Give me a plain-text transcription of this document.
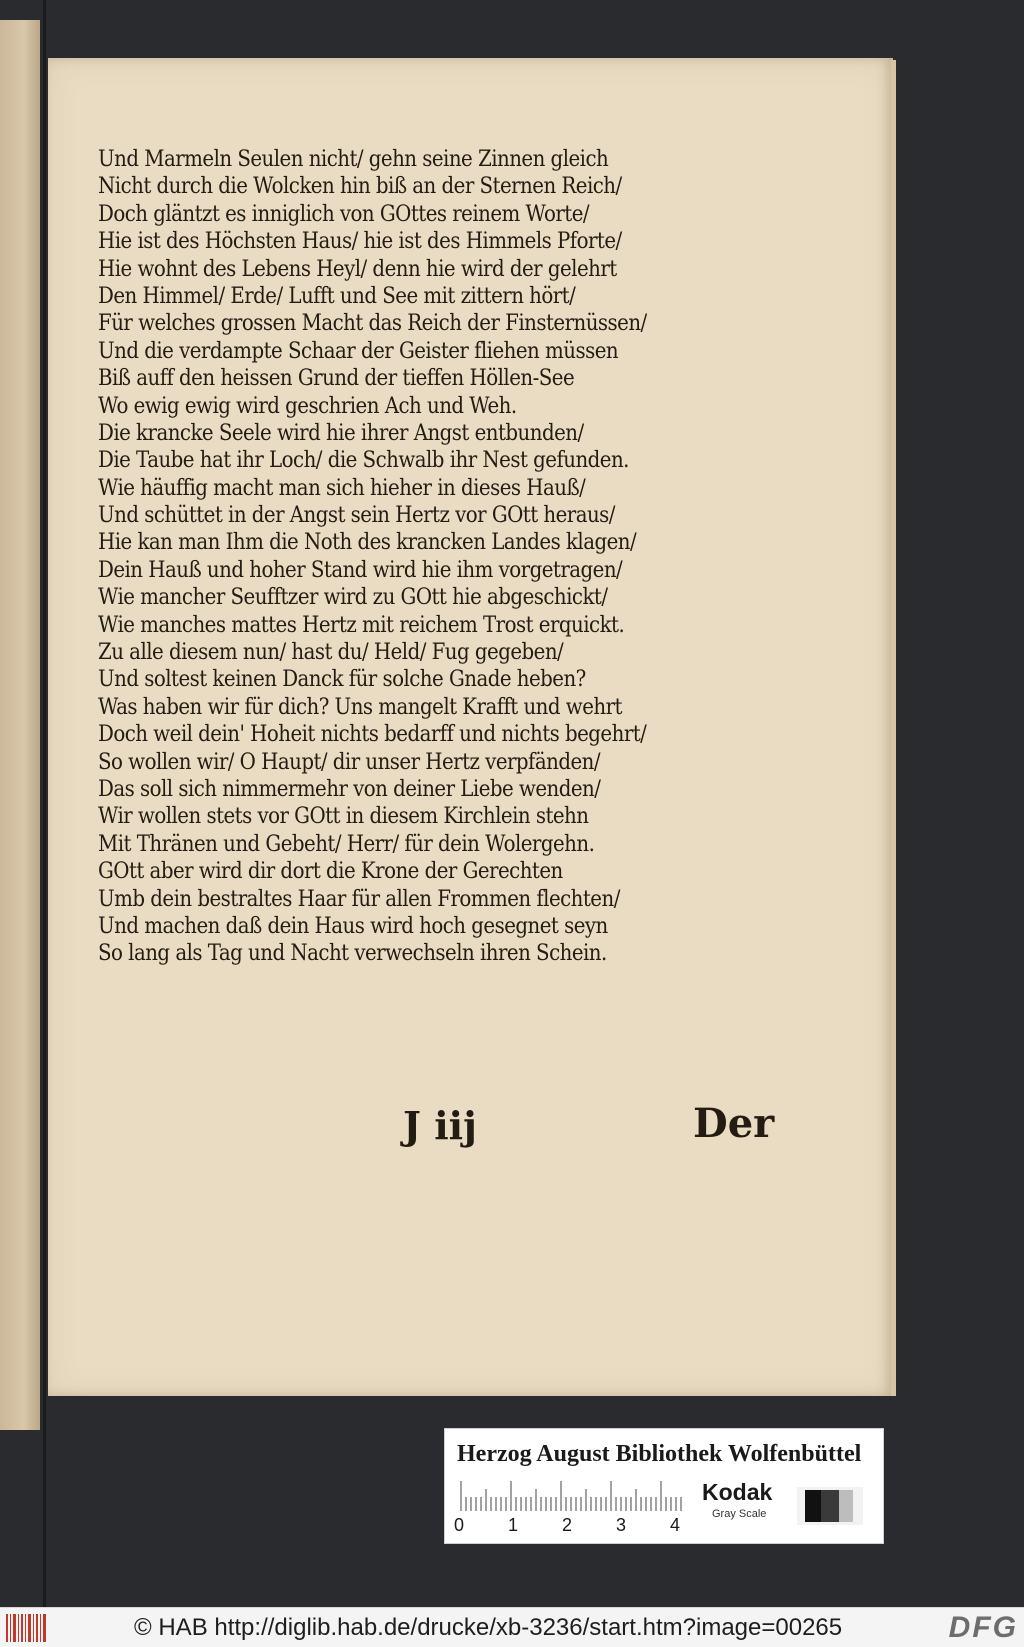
Und Marmeln Seulen nicht/ gehn seine Zinnen gleich
Nicht durch die Wolcken hin biß an der Sternen Reich/
Doch gläntzt es inniglich von GOttes reinem Worte/
Hie ist des Höchsten Haus/ hie ist des Himmels Pforte/
Hie wohnt des Lebens Heyl/ denn hie wird der gelehrt
Den Himmel/ Erde/ Lufft und See mit zittern hört/
Für welches grossen Macht das Reich der Finsternüssen/
Und die verdampte Schaar der Geister fliehen müssen
Biß auff den heissen Grund der tieffen Höllen-See
Wo ewig ewig wird geschrien Ach und Weh.
Die krancke Seele wird hie ihrer Angst entbunden/
Die Taube hat ihr Loch/ die Schwalb ihr Nest gefunden.
Wie häuffig macht man sich hieher in dieses Hauß/
Und schüttet in der Angst sein Hertz vor GOtt heraus/
Hie kan man Ihm die Noth des krancken Landes klagen/
Dein Hauß und hoher Stand wird hie ihm vorgetragen/
Wie mancher Seufftzer wird zu GOtt hie abgeschickt/
Wie manches mattes Hertz mit reichem Trost erquickt.
Zu alle diesem nun/ hast du/ Held/ Fug gegeben/
Und soltest keinen Danck für solche Gnade heben?
Was haben wir für dich? Uns mangelt Krafft und wehrt
Doch weil dein' Hoheit nichts bedarff und nichts begehrt/
So wollen wir/ O Haupt/ dir unser Hertz verpfänden/
Das soll sich nimmermehr von deiner Liebe wenden/
Wir wollen stets vor GOtt in diesem Kirchlein stehn
Mit Thränen und Gebeht/ Herr/ für dein Wolergehn.
GOtt aber wird dir dort die Krone der Gerechten
Umb dein bestraltes Haar für allen Frommen flechten/
Und machen daß dein Haus wird hoch gesegnet seyn
So lang als Tag und Nacht verwechseln ihren Schein.
J iij	Der
Herzog August Bibliothek Wolfenbüttel
0 1 2 3 4
Kodak
Gray Scale
© HAB http://diglib.hab.de/drucke/xb-3236/start.htm?image=00265	DFG
